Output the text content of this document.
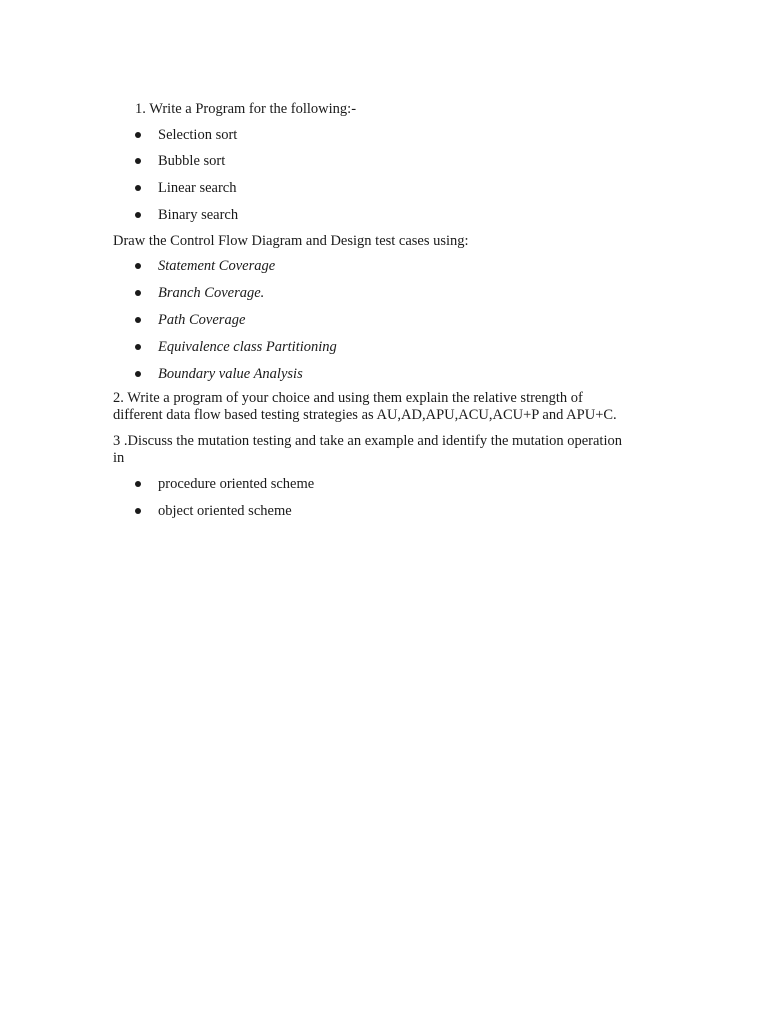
1. Write a Program for the following:-
Selection sort
Bubble sort
Linear search
Binary search
Draw the Control Flow Diagram and Design test cases using:
Statement Coverage
Branch Coverage.
Path Coverage
Equivalence class Partitioning
Boundary value Analysis
2. Write a program of your choice and using them explain the relative strength of
different data flow based testing strategies as AU,AD,APU,ACU,ACU+P and APU+C.
3 .Discuss the mutation testing and take an example and identify the mutation operation
in
procedure oriented scheme
object oriented scheme
